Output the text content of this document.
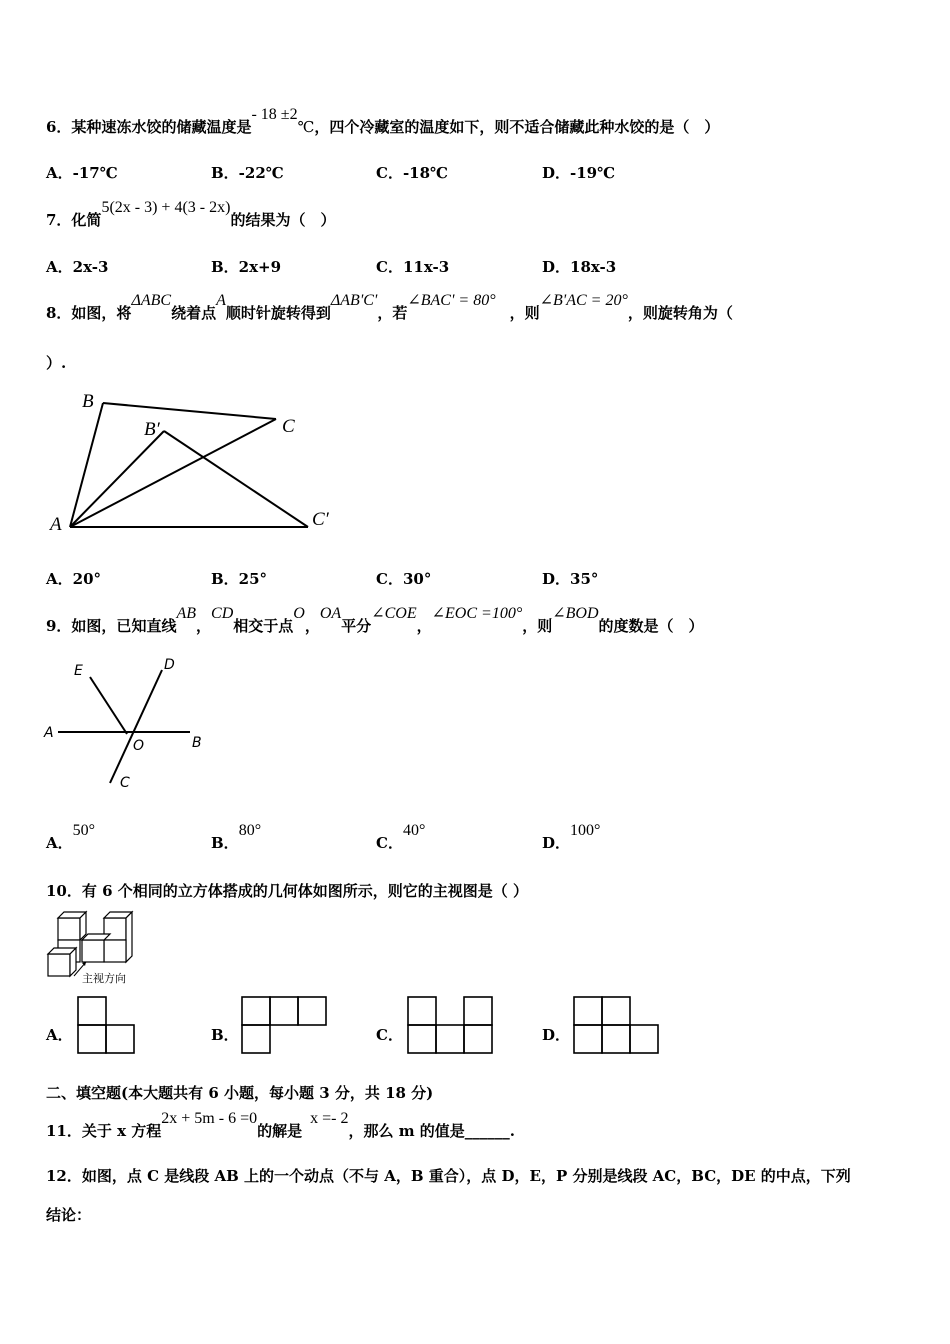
6．某种速冻水饺的储藏温度是- 18 ±2℃，四个冷藏室的温度如下，则不适合储藏此种水饺的是（　）
A．-17℃	B．-22℃	C．-18℃	D．-19℃
7．化简5(2x - 3) + 4(3 - 2x)的结果为（　）
A．2x-3	B．2x+9	C．11x-3	D．18x-3
8．如图，将ΔABC绕着点A顺时针旋转得到ΔAB'C'，若∠BAC' = 80°，则∠B'AC = 20°，则旋转角为（
）.
B
B′	C
A	C′
A．20°	B．25°	C．30°	D．35°
9．如图，已知直线AB，CD相交于点O，OA平分∠COE，∠EOC =100°，则∠BOD的度数是（　）
E	D
A
O	B
C
A．50°
B．80°
C．40°
D．100°
10．有 6 个相同的立方体搭成的几何体如图所示，则它的主视图是（ ）
主视方向
A．	B．	C．	D．
二、填空题(本大题共有 6 小题，每小题 3 分，共 18 分)
11．关于 x 方程2x + 5m - 6 =0的解是x =- 2，那么 m 的值是______.
12．如图，点 C 是线段 AB 上的一个动点（不与 A，B 重合），点 D，E，P 分别是线段 AC，BC，DE 的中点，下列
结论：
